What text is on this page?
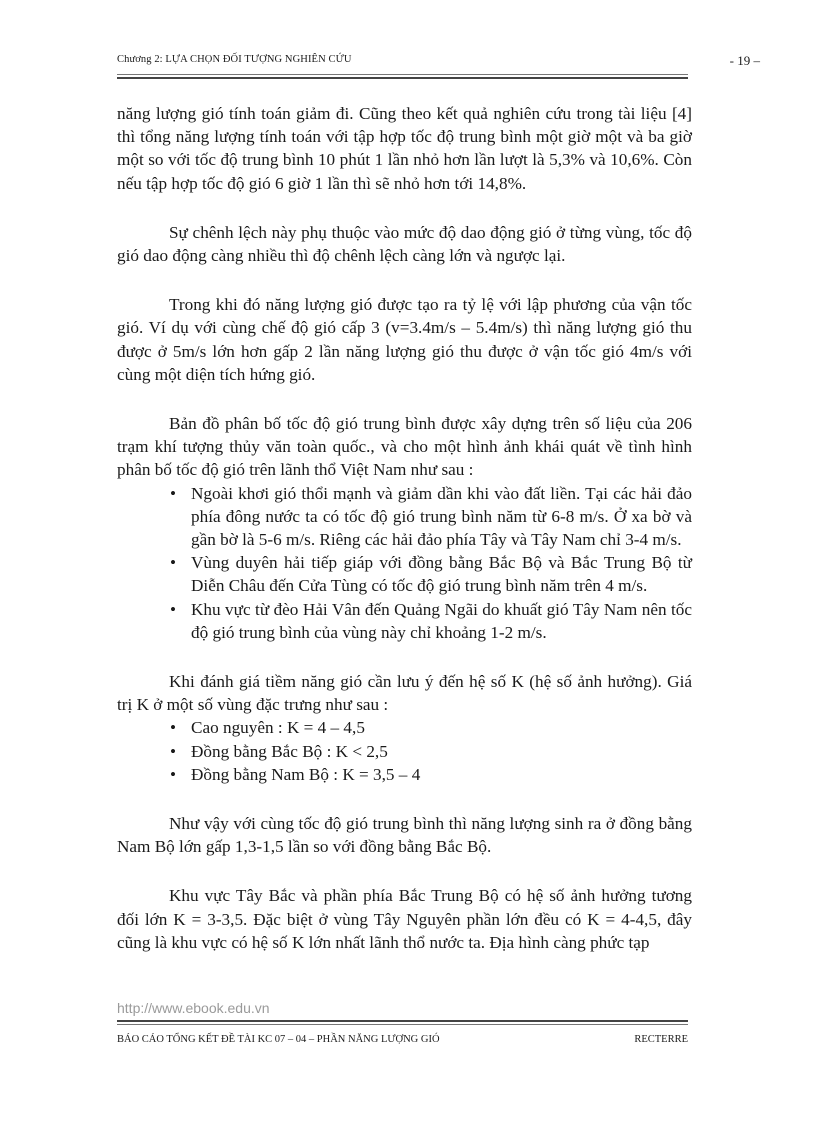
Chương 2: LỰA CHỌN ĐỐI TƯỢNG NGHIÊN CỨU	- 19 –

năng lượng gió tính toán giảm đi. Cũng theo kết quả nghiên cứu trong tài liệu [4] thì tổng năng lượng tính toán với tập hợp tốc độ trung bình một giờ một và ba giờ một so với tốc độ trung bình 10 phút 1 lần nhỏ hơn lần lượt là 5,3% và 10,6%. Còn nếu tập hợp tốc độ gió 6 giờ 1 lần thì sẽ nhỏ hơn tới 14,8%.

Sự chênh lệch này phụ thuộc vào mức độ dao động gió ở từng vùng, tốc độ gió dao động càng nhiều thì độ chênh lệch càng lớn và ngược lại.

Trong khi đó năng lượng gió được tạo ra tỷ lệ với lập phương của vận tốc gió. Ví dụ với cùng chế độ gió cấp 3 (v=3.4m/s – 5.4m/s) thì năng lượng gió thu được ở 5m/s lớn hơn gấp 2 lần năng lượng gió thu được ở vận tốc gió 4m/s với cùng một diện tích hứng gió.

Bản đồ phân bố tốc độ gió trung bình được xây dựng trên số liệu của 206 trạm khí tượng thủy văn toàn quốc., và cho một hình ảnh khái quát về tình hình phân bố tốc độ gió trên lãnh thổ Việt Nam như sau :

• Ngoài khơi gió thổi mạnh và giảm dần khi vào đất liền. Tại các hải đảo phía đông nước ta có tốc độ gió trung bình năm từ 6-8 m/s. Ở xa bờ và gần bờ là 5-6 m/s. Riêng các hải đảo phía Tây và Tây Nam chỉ 3-4 m/s.
• Vùng duyên hải tiếp giáp với đồng bằng Bắc Bộ và Bắc Trung Bộ từ Diễn Châu đến Cửa Tùng có tốc độ gió trung bình năm trên 4 m/s.
• Khu vực từ đèo Hải Vân đến Quảng Ngãi do khuất gió Tây Nam nên tốc độ gió trung bình của vùng này chỉ khoảng 1-2 m/s.

Khi đánh giá tiềm năng gió cần lưu ý đến hệ số K (hệ số ảnh hưởng). Giá trị K ở một số vùng đặc trưng như sau :

• Cao nguyên : K = 4 – 4,5
• Đồng bằng Bắc Bộ : K < 2,5
• Đồng bằng Nam Bộ : K = 3,5 – 4

Như vậy với cùng tốc độ gió trung bình thì năng lượng sinh ra ở đồng bằng Nam Bộ lớn gấp 1,3-1,5 lần so với đồng bằng Bắc Bộ.

Khu vực Tây Bắc và phần phía Bắc Trung Bộ có hệ số ảnh hưởng tương đối lớn K = 3-3,5. Đặc biệt ở vùng Tây Nguyên phần lớn đều có K = 4-4,5, đây cũng là khu vực có hệ số K lớn nhất lãnh thổ nước ta. Địa hình càng phức tạp

http://www.ebook.edu.vn
BÁO CÁO TỔNG KẾT ĐỀ TÀI KC 07 – 04 – PHẦN NĂNG LƯỢNG GIÓ	RECTERRE
